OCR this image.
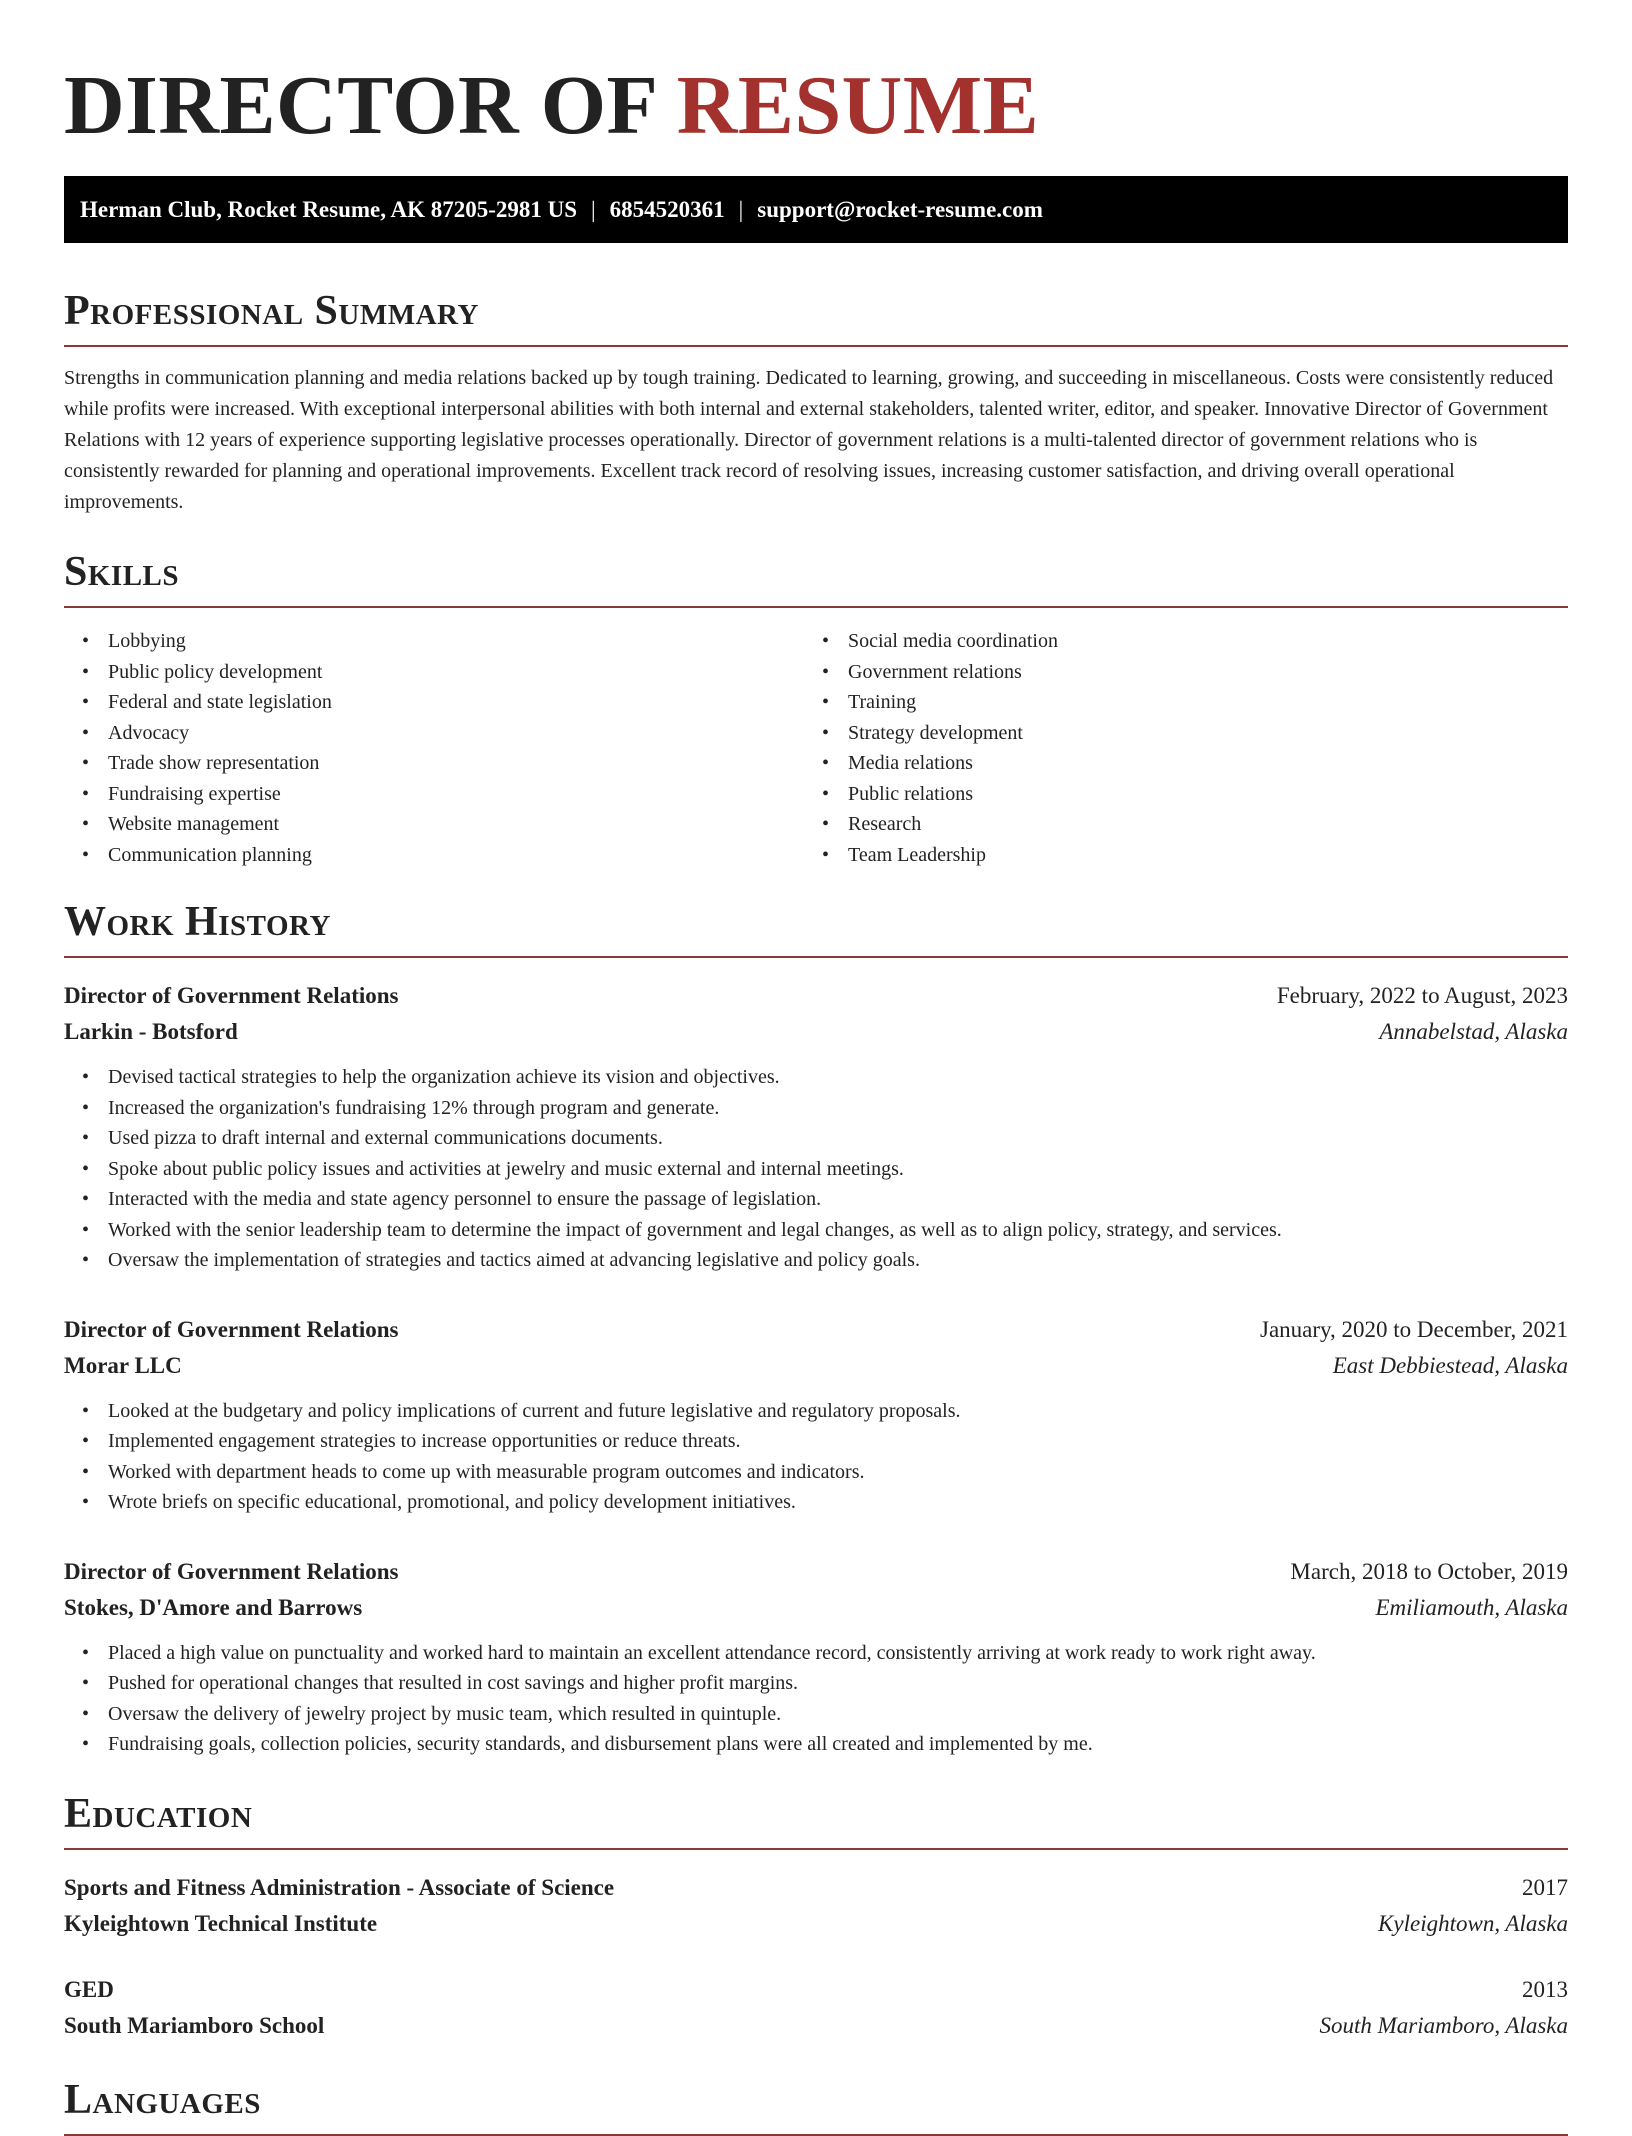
DIRECTOR OF RESUME
Herman Club, Rocket Resume, AK 87205-2981 US | 6854520361 | support@rocket-resume.com
Professional Summary

Strengths in communication planning and media relations backed up by tough training. Dedicated to learning, growing, and succeeding in miscellaneous. Costs were consistently reduced while profits were increased. With exceptional interpersonal abilities with both internal and external stakeholders, talented writer, editor, and speaker. Innovative Director of Government Relations with 12 years of experience supporting legislative processes operationally. Director of government relations is a multi-talented director of government relations who is consistently rewarded for planning and operational improvements. Excellent track record of resolving issues, increasing customer satisfaction, and driving overall operational improvements.

Skills
• Lobbying
• Public policy development
• Federal and state legislation
• Advocacy
• Trade show representation
• Fundraising expertise
• Website management
• Communication planning
• Social media coordination
• Government relations
• Training
• Strategy development
• Media relations
• Public relations
• Research
• Team Leadership
Work History
Director of Government Relations	February, 2022 to August, 2023
Larkin - Botsford	Annabelstad, Alaska
• Devised tactical strategies to help the organization achieve its vision and objectives.
• Increased the organization's fundraising 12% through program and generate.
• Used pizza to draft internal and external communications documents.
• Spoke about public policy issues and activities at jewelry and music external and internal meetings.
• Interacted with the media and state agency personnel to ensure the passage of legislation.
• Worked with the senior leadership team to determine the impact of government and legal changes, as well as to align policy, strategy, and services.
• Oversaw the implementation of strategies and tactics aimed at advancing legislative and policy goals.
Director of Government Relations	January, 2020 to December, 2021
Morar LLC	East Debbiestead, Alaska
• Looked at the budgetary and policy implications of current and future legislative and regulatory proposals.
• Implemented engagement strategies to increase opportunities or reduce threats.
• Worked with department heads to come up with measurable program outcomes and indicators.
• Wrote briefs on specific educational, promotional, and policy development initiatives.
Director of Government Relations	March, 2018 to October, 2019
Stokes, D'Amore and Barrows	Emiliamouth, Alaska
• Placed a high value on punctuality and worked hard to maintain an excellent attendance record, consistently arriving at work ready to work right away.
• Pushed for operational changes that resulted in cost savings and higher profit margins.
• Oversaw the delivery of jewelry project by music team, which resulted in quintuple.
• Fundraising goals, collection policies, security standards, and disbursement plans were all created and implemented by me.
Education
Sports and Fitness Administration - Associate of Science	2017
Kyleightown Technical Institute	Kyleightown, Alaska
GED	2013
South Mariamboro School	South Mariamboro, Alaska
Languages
